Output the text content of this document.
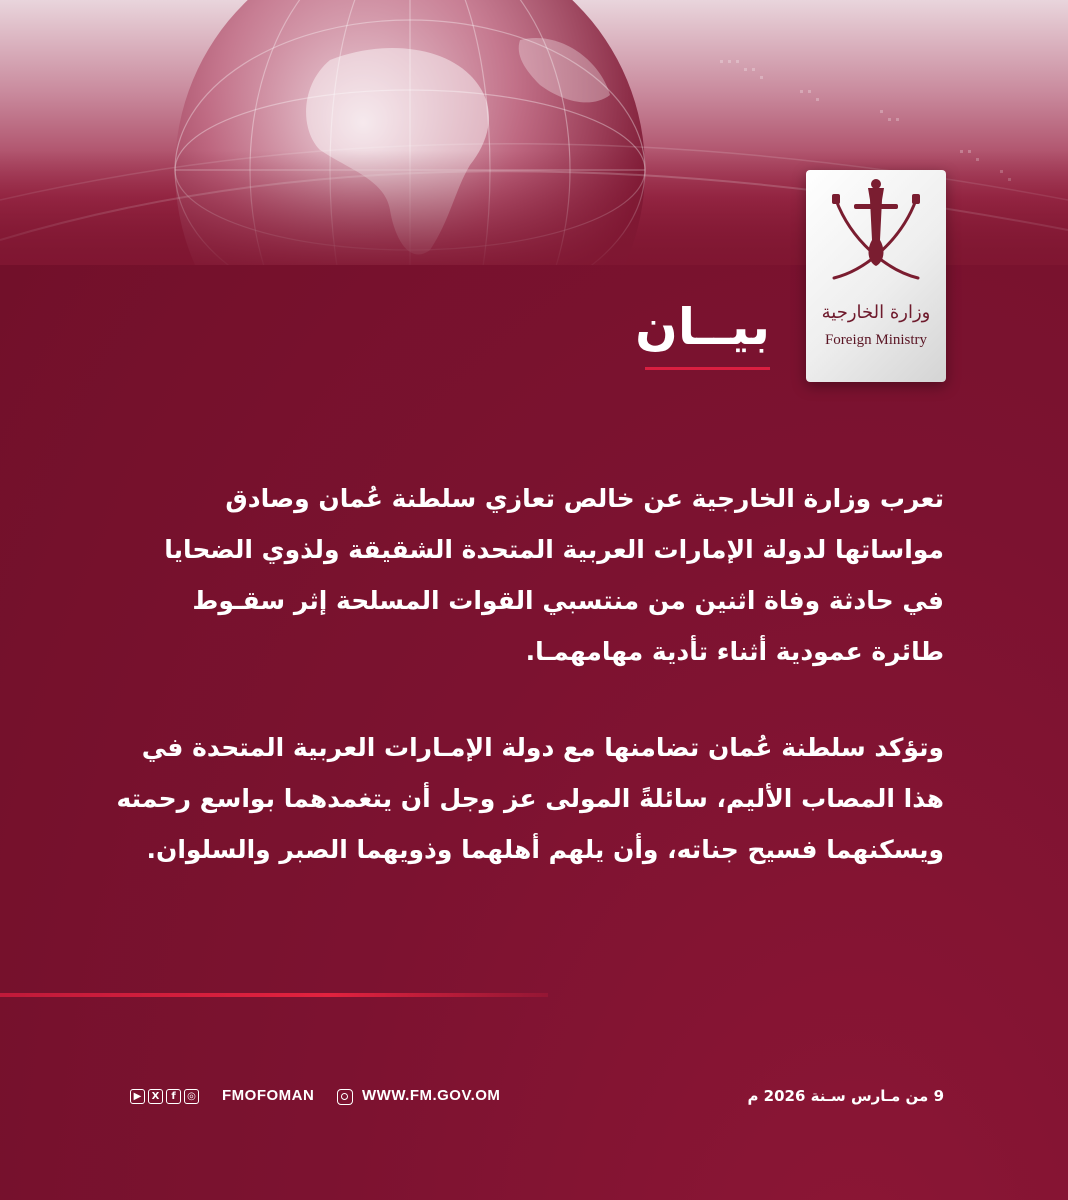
وزارة الخارجية
Foreign Ministry
بيــان

تعرب وزارة الخارجية عن خالص تعازي سلطنة عُمان وصادق مواساتها لدولة الإمارات العربية المتحدة الشقيقة ولذوي الضحايا في حادثة وفاة اثنين من منتسبي القوات المسلحة إثر سقـوط طائرة عمودية أثناء تأدية مهامهمـا.

وتؤكد سلطنة عُمان تضامنها مع دولة الإمـارات العربية المتحدة في هذا المصاب الأليم، سائلةً المولى عز وجل أن يتغمدهما بواسع رحمته ويسكنهما فسيح جناته، وأن يلهم أهلهما وذويهما الصبر والسلوان.

▶	X	f	◎ FMOFOMAN	WWW.FM.GOV.OM	9 من مـارس سـنة 2026 م
